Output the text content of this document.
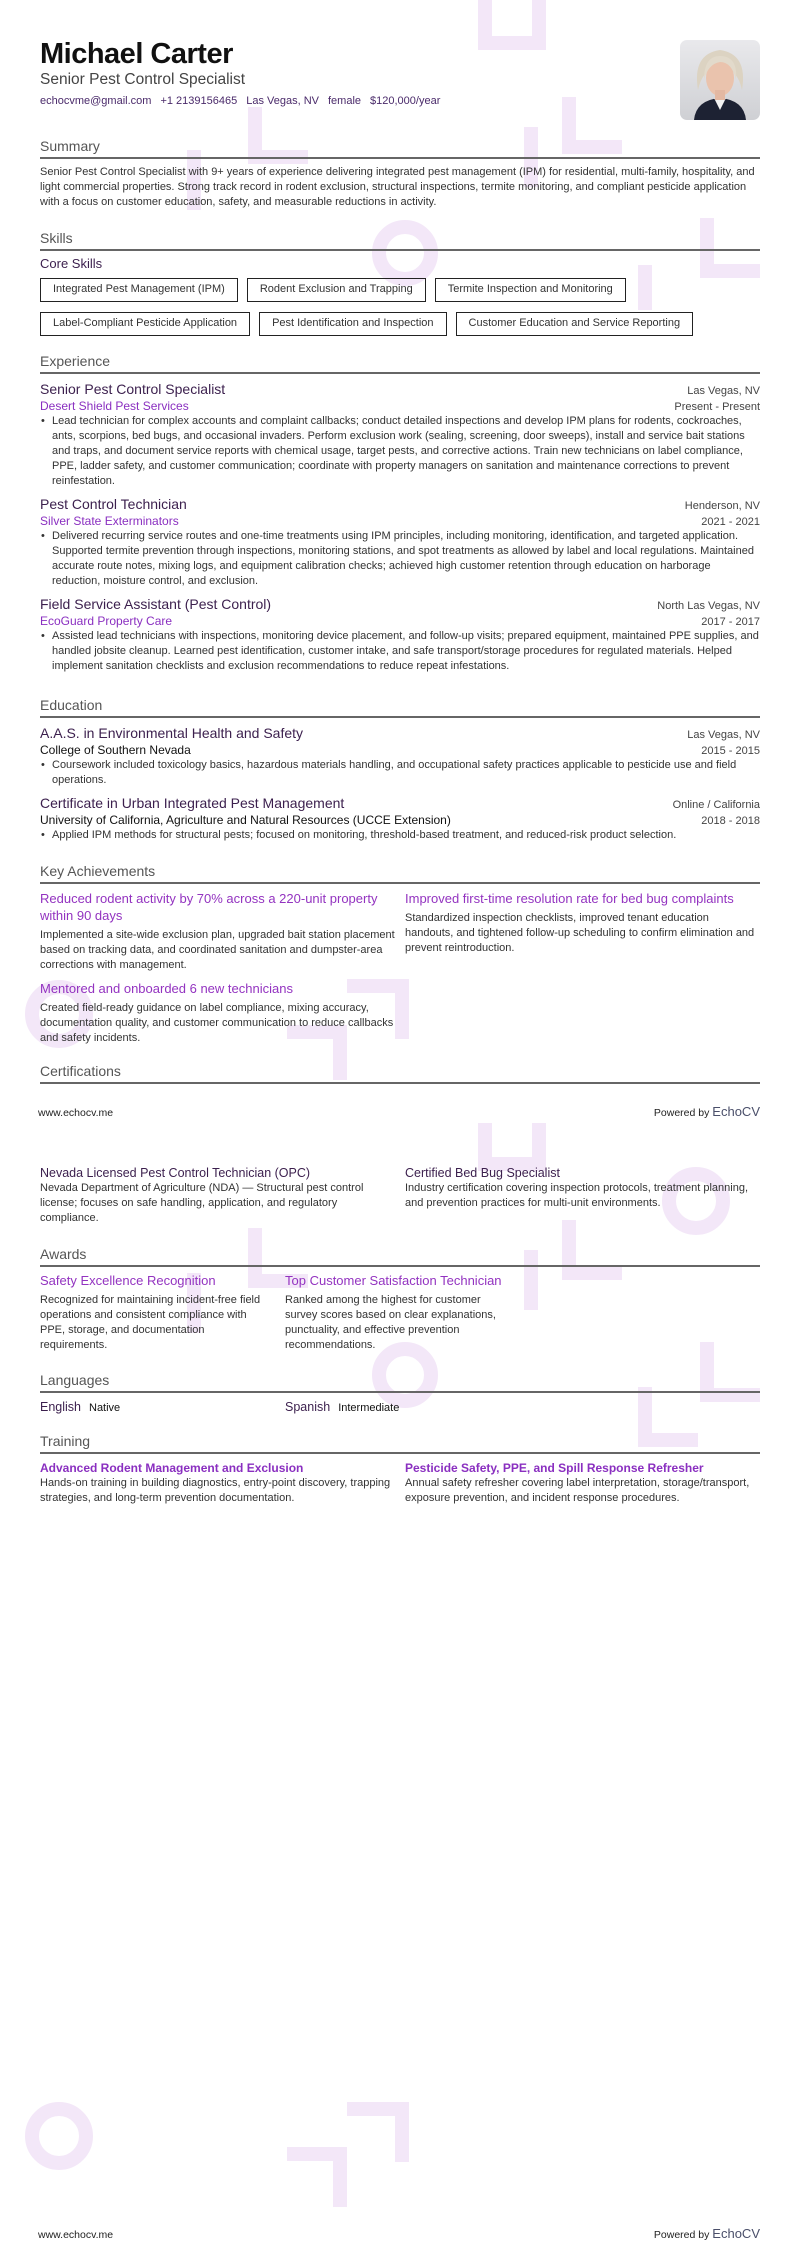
Michael Carter
Senior Pest Control Specialist
echocvme@gmail.com +1 2139156465 Las Vegas, NV female $120,000/year
Summary

Senior Pest Control Specialist with 9+ years of experience delivering integrated pest management (IPM) for residential, multi-family, hospitality, and light commercial properties. Strong track record in rodent exclusion, structural inspections, termite monitoring, and compliant pesticide application with a focus on customer education, safety, and measurable reductions in activity.

Skills
Core Skills
Integrated Pest Management (IPM)	Rodent Exclusion and Trapping	Termite Inspection and Monitoring
Label-Compliant Pesticide Application	Pest Identification and Inspection	Customer Education and Service Reporting
Experience
Senior Pest Control Specialist	Las Vegas, NV
Desert Shield Pest Services	Present - Present
• Lead technician for complex accounts and complaint callbacks; conduct detailed inspections and develop IPM plans for rodents, cockroaches, ants, scorpions, bed bugs, and occasional invaders. Perform exclusion work (sealing, screening, door sweeps), install and service bait stations and traps, and document service reports with chemical usage, target pests, and corrective actions. Train new technicians on label compliance, PPE, ladder safety, and customer communication; coordinate with property managers on sanitation and maintenance corrections to prevent reinfestation.
Pest Control Technician	Henderson, NV
Silver State Exterminators	2021 - 2021
• Delivered recurring service routes and one-time treatments using IPM principles, including monitoring, identification, and targeted application. Supported termite prevention through inspections, monitoring stations, and spot treatments as allowed by label and local regulations. Maintained accurate route notes, mixing logs, and equipment calibration checks; achieved high customer retention through education on harborage reduction, moisture control, and exclusion.
Field Service Assistant (Pest Control)	North Las Vegas, NV
EcoGuard Property Care	2017 - 2017
• Assisted lead technicians with inspections, monitoring device placement, and follow-up visits; prepared equipment, maintained PPE supplies, and handled jobsite cleanup. Learned pest identification, customer intake, and safe transport/storage procedures for regulated materials. Helped implement sanitation checklists and exclusion recommendations to reduce repeat infestations.
Education
A.A.S. in Environmental Health and Safety	Las Vegas, NV
College of Southern Nevada	2015 - 2015
• Coursework included toxicology basics, hazardous materials handling, and occupational safety practices applicable to pesticide use and field operations.
Certificate in Urban Integrated Pest Management	Online / California
University of California, Agriculture and Natural Resources (UCCE Extension)	2018 - 2018
• Applied IPM methods for structural pests; focused on monitoring, threshold-based treatment, and reduced-risk product selection.
Key Achievements
Reduced rodent activity by 70% across a 220-unit property within 90 days
Implemented a site-wide exclusion plan, upgraded bait station placement based on tracking data, and coordinated sanitation and dumpster-area corrections with management.
Improved first-time resolution rate for bed bug complaints
Standardized inspection checklists, improved tenant education handouts, and tightened follow-up scheduling to confirm elimination and prevent reintroduction.
Mentored and onboarded 6 new technicians
Created field-ready guidance on label compliance, mixing accuracy, documentation quality, and customer communication to reduce callbacks and safety incidents.
Certifications
www.echocv.me	Powered by EchoCV
Nevada Licensed Pest Control Technician (OPC)
Nevada Department of Agriculture (NDA) — Structural pest control license; focuses on safe handling, application, and regulatory compliance.
Certified Bed Bug Specialist
Industry certification covering inspection protocols, treatment planning, and prevention practices for multi-unit environments.
Awards
Safety Excellence Recognition
Recognized for maintaining incident-free field operations and consistent compliance with PPE, storage, and documentation requirements.
Top Customer Satisfaction Technician
Ranked among the highest for customer survey scores based on clear explanations, punctuality, and effective prevention recommendations.
Languages
English Native	Spanish Intermediate
Training
Advanced Rodent Management and Exclusion
Hands-on training in building diagnostics, entry-point discovery, trapping strategies, and long-term prevention documentation.
Pesticide Safety, PPE, and Spill Response Refresher
Annual safety refresher covering label interpretation, storage/transport, exposure prevention, and incident response procedures.
www.echocv.me	Powered by EchoCV
